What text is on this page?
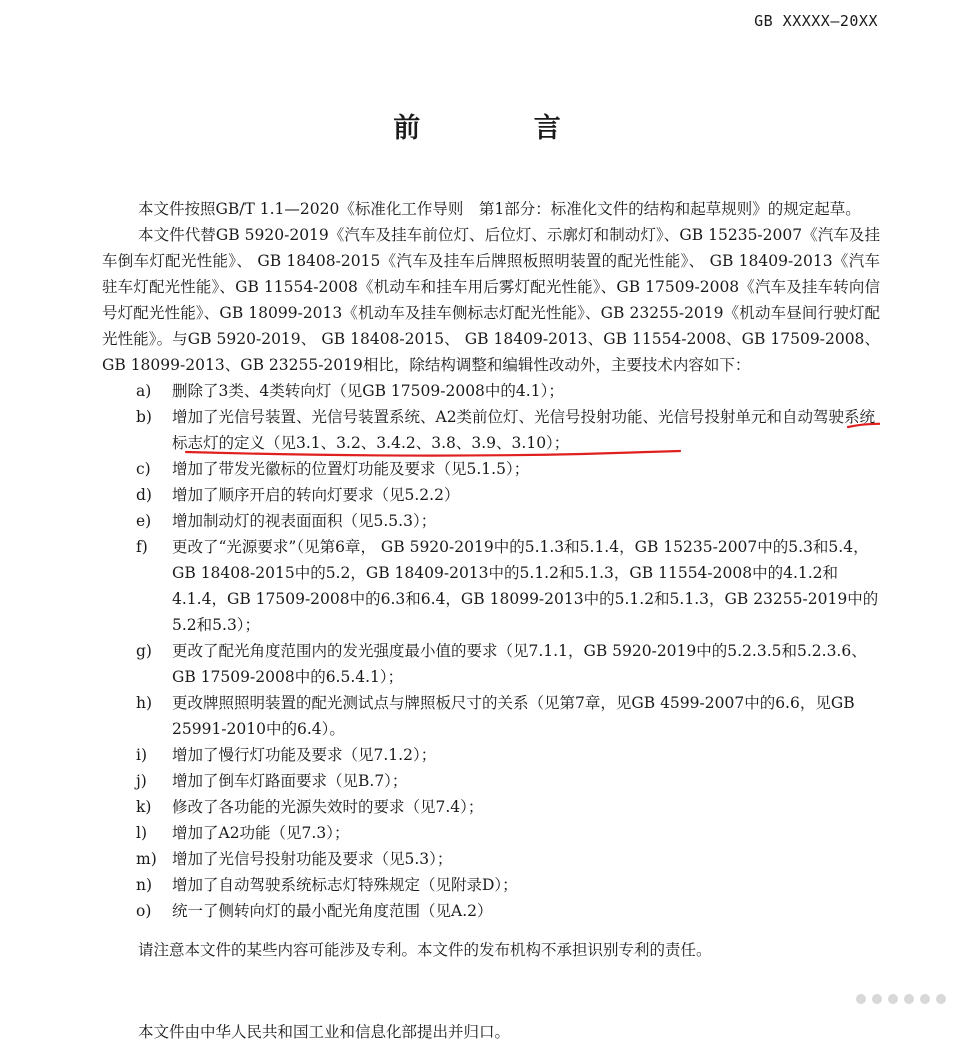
GB XXXXX—20XX
前 言

本文件按照GB/T 1.1—2020《标准化工作导则　第1部分：标准化文件的结构和起草规则》的规定起草。

本文件代替GB 5920-2019《汽车及挂车前位灯、后位灯、示廓灯和制动灯》、GB 15235-2007《汽车及挂车倒车灯配光性能》、 GB 18408-2015《汽车及挂车后牌照板照明装置的配光性能》、 GB 18409-2013《汽车驻车灯配光性能》、GB 11554-2008《机动车和挂车用后雾灯配光性能》、GB 17509-2008《汽车及挂车转向信号灯配光性能》、GB 18099-2013《机动车及挂车侧标志灯配光性能》、GB 23255-2019《机动车昼间行驶灯配光性能》。与GB 5920-2019、 GB 18408-2015、 GB 18409-2013、GB 11554-2008、GB 17509-2008、GB 18099-2013、GB 23255-2019相比，除结构调整和编辑性改动外，主要技术内容如下：

a)	删除了3类、4类转向灯（见GB 17509-2008中的4.1）；
b)	增加了光信号装置、光信号装置系统、A2类前位灯、光信号投射功能、光信号投射单元和自动驾驶系统标志灯的定义（见3.1、3.2、3.4.2、3.8、3.9、3.10）；
c)	增加了带发光徽标的位置灯功能及要求（见5.1.5）；
d)	增加了顺序开启的转向灯要求（见5.2.2）
e)	增加制动灯的视表面面积（见5.5.3）；
f)	更改了“光源要求”（见第6章， GB 5920-2019中的5.1.3和5.1.4，GB 15235-2007中的5.3和5.4， GB 18408-2015中的5.2，GB 18409-2013中的5.1.2和5.1.3，GB 11554-2008中的4.1.2和4.1.4，GB 17509-2008中的6.3和6.4，GB 18099-2013中的5.1.2和5.1.3，GB 23255-2019中的5.2和5.3）；
g)	更改了配光角度范围内的发光强度最小值的要求（见7.1.1，GB 5920-2019中的5.2.3.5和5.2.3.6、GB 17509-2008中的6.5.4.1）；
h)	更改牌照照明装置的配光测试点与牌照板尺寸的关系（见第7章，见GB 4599-2007中的6.6，见GB 25991-2010中的6.4）。
i)	增加了慢行灯功能及要求（见7.1.2）；
j)	增加了倒车灯路面要求（见B.7）；
k)	修改了各功能的光源失效时的要求（见7.4）；
l)	增加了A2功能（见7.3）；
m) 增加了光信号投射功能及要求（见5.3）；
n)	增加了自动驾驶系统标志灯特殊规定（见附录D）；
o)	统一了侧转向灯的最小配光角度范围（见A.2）

请注意本文件的某些内容可能涉及专利。本文件的发布机构不承担识别专利的责任。

本文件由中华人民共和国工业和信息化部提出并归口。
